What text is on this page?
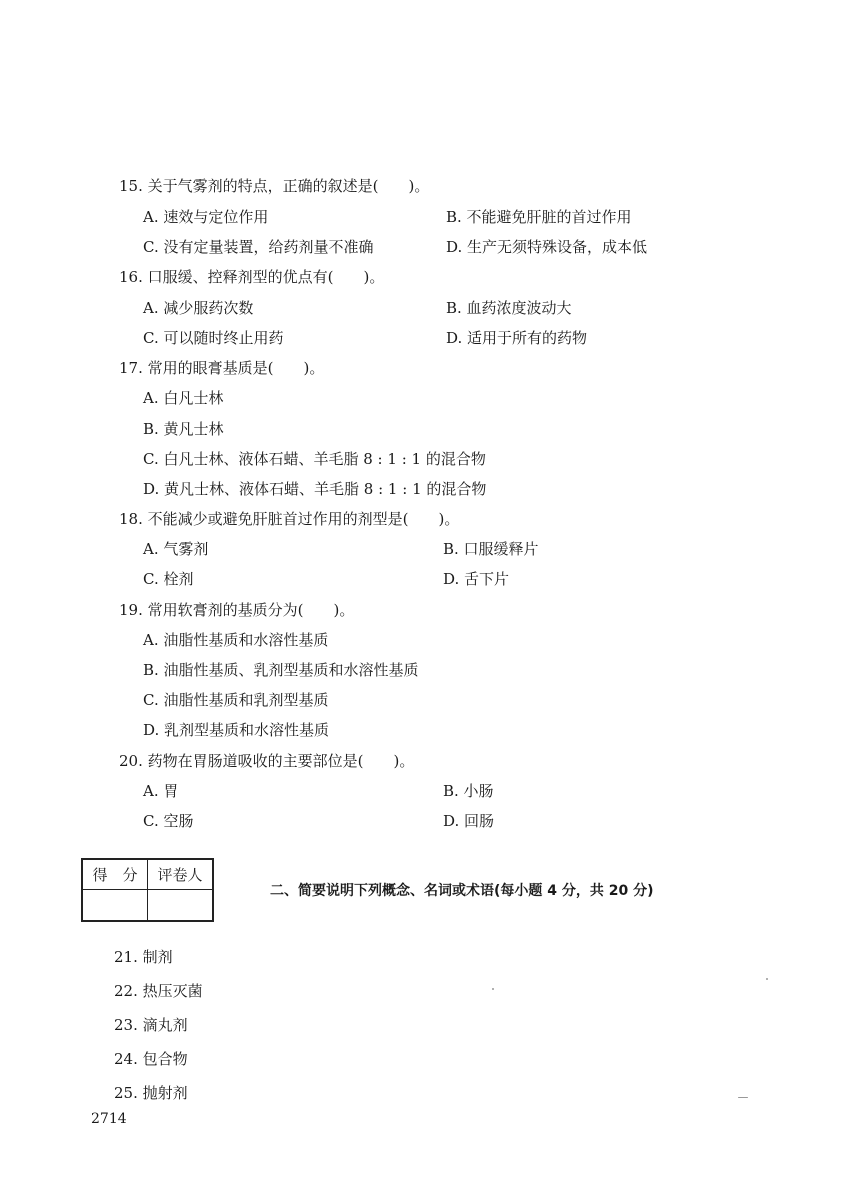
15. 关于气雾剂的特点，正确的叙述是(　　)。
A. 速效与定位作用	B. 不能避免肝脏的首过作用
C. 没有定量装置，给药剂量不准确	D. 生产无须特殊设备，成本低
16. 口服缓、控释剂型的优点有(　　)。
A. 减少服药次数	B. 血药浓度波动大
C. 可以随时终止用药	D. 适用于所有的药物
17. 常用的眼膏基质是(　　)。
A. 白凡士林
B. 黄凡士林
C. 白凡士林、液体石蜡、羊毛脂 8 : 1 : 1 的混合物
D. 黄凡士林、液体石蜡、羊毛脂 8 : 1 : 1 的混合物
18. 不能减少或避免肝脏首过作用的剂型是(　　)。
A. 气雾剂	B. 口服缓释片
C. 栓剂	D. 舌下片
19. 常用软膏剂的基质分为(　　)。
A. 油脂性基质和水溶性基质
B. 油脂性基质、乳剂型基质和水溶性基质
C. 油脂性基质和乳剂型基质
D. 乳剂型基质和水溶性基质
20. 药物在胃肠道吸收的主要部位是(　　)。
A. 胃	B. 小肠
C. 空肠	D. 回肠
得　分	评卷人

二、简要说明下列概念、名词或术语(每小题 4 分，共 20 分)
21. 制剂
22. 热压灭菌
23. 滴丸剂
24. 包合物
25. 抛射剂
2714
